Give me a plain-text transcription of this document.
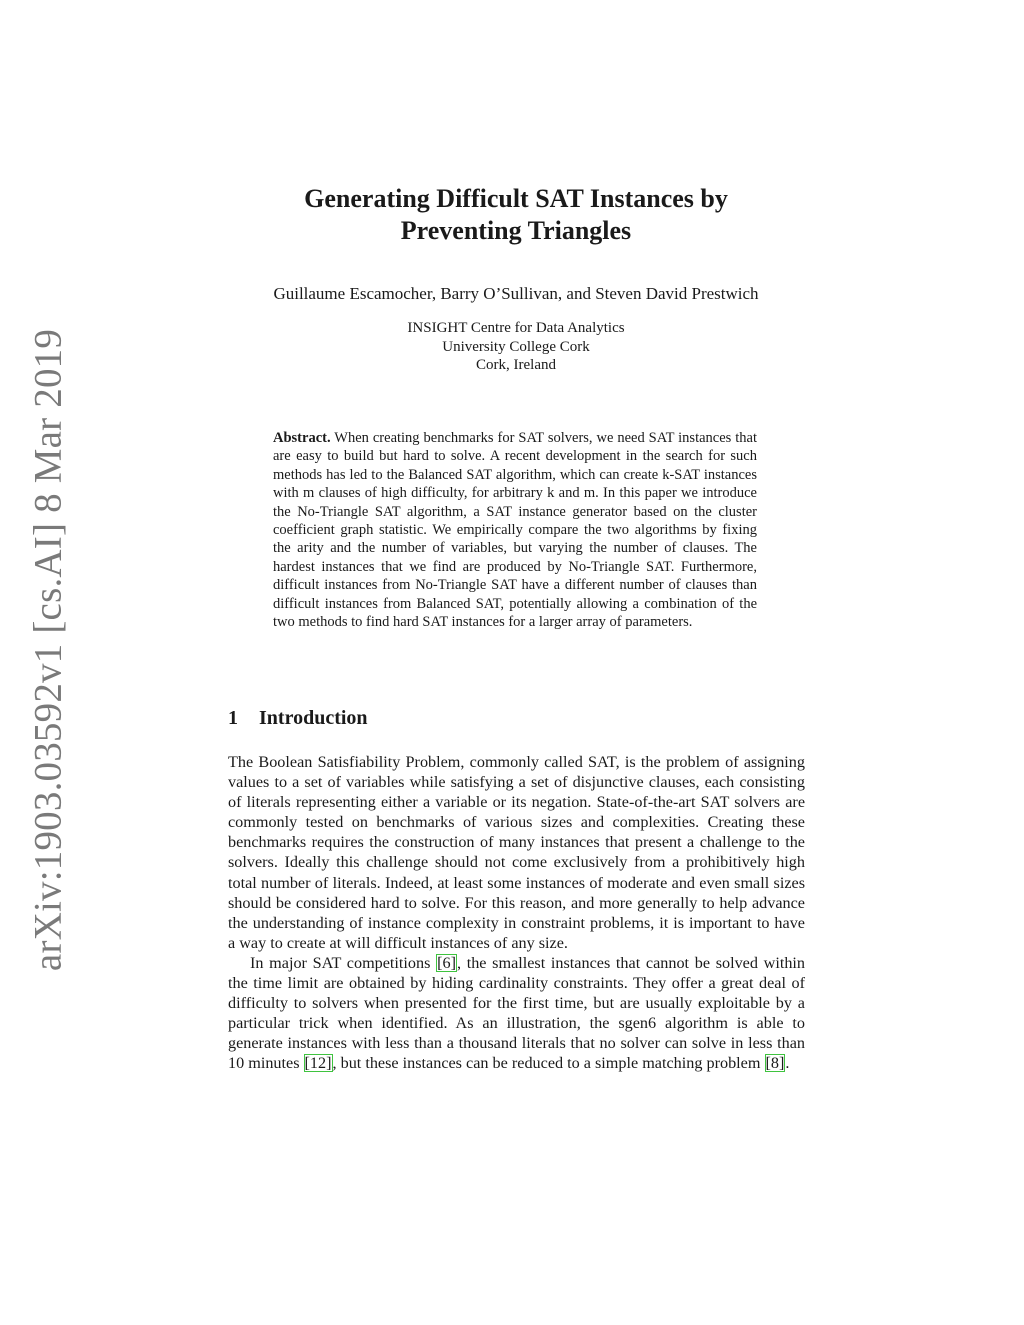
arXiv:1903.03592v1 [cs.AI] 8 Mar 2019
Generating Difficult SAT Instances by
Preventing Triangles
Guillaume Escamocher, Barry O’Sullivan, and Steven David Prestwich
INSIGHT Centre for Data Analytics
University College Cork
Cork, Ireland
Abstract. When creating benchmarks for SAT solvers, we need SAT instances that are easy to build but hard to solve. A recent development in the search for such methods has led to the Balanced SAT algorithm, which can create k-SAT instances with m clauses of high difficulty, for arbitrary k and m. In this paper we introduce the No-Triangle SAT algorithm, a SAT instance generator based on the cluster coefficient graph statistic. We empirically compare the two algorithms by fixing the arity and the number of variables, but varying the number of clauses. The hardest instances that we find are produced by No-Triangle SAT. Furthermore, difficult instances from No-Triangle SAT have a different number of clauses than difficult instances from Balanced SAT, potentially allowing a combination of the two methods to find hard SAT instances for a larger array of parameters.
1 Introduction

The Boolean Satisfiability Problem, commonly called SAT, is the problem of assigning values to a set of variables while satisfying a set of disjunctive clauses, each consisting of literals representing either a variable or its negation. State-of-the-art SAT solvers are commonly tested on benchmarks of various sizes and complexities. Creating these benchmarks requires the construction of many instances that present a challenge to the solvers. Ideally this challenge should not come exclusively from a prohibitively high total number of literals. Indeed, at least some instances of moderate and even small sizes should be considered hard to solve. For this reason, and more generally to help advance the understanding of instance complexity in constraint problems, it is important to have a way to create at will difficult instances of any size.

In major SAT competitions [6], the smallest instances that cannot be solved within the time limit are obtained by hiding cardinality constraints. They offer a great deal of difficulty to solvers when presented for the first time, but are usually exploitable by a particular trick when identified. As an illustration, the sgen6 algorithm is able to generate instances with less than a thousand literals that no solver can solve in less than 10 minutes [12], but these instances can be reduced to a simple matching problem [8].
